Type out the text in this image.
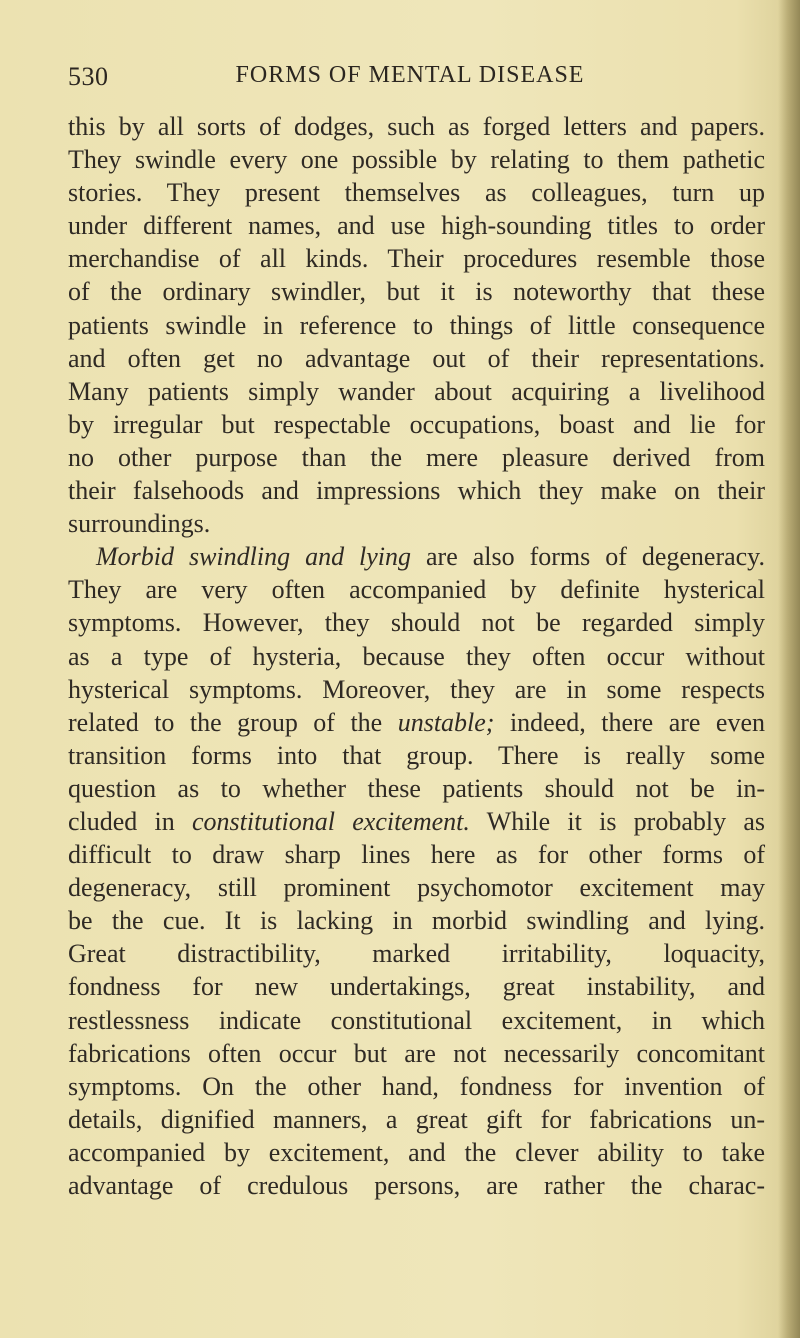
530	FORMS OF MENTAL DISEASE
this by all sorts of dodges, such as forged letters and papers.
They swindle every one possible by relating to them pathetic
stories. They present themselves as colleagues, turn up
under different names, and use high-sounding titles to order
merchandise of all kinds. Their procedures resemble those
of the ordinary swindler, but it is noteworthy that these
patients swindle in reference to things of little consequence
and often get no advantage out of their representations.
Many patients simply wander about acquiring a livelihood
by irregular but respectable occupations, boast and lie for
no other purpose than the mere pleasure derived from
their falsehoods and impressions which they make on their
surroundings.
Morbid swindling and lying are also forms of degeneracy.
They are very often accompanied by definite hysterical
symptoms. However, they should not be regarded simply
as a type of hysteria, because they often occur without
hysterical symptoms. Moreover, they are in some respects
related to the group of the unstable; indeed, there are even
transition forms into that group. There is really some
question as to whether these patients should not be in-
cluded in constitutional excitement. While it is probably as
difficult to draw sharp lines here as for other forms of
degeneracy, still prominent psychomotor excitement may
be the cue. It is lacking in morbid swindling and lying.
Great distractibility, marked irritability, loquacity,
fondness for new undertakings, great instability, and
restlessness indicate constitutional excitement, in which
fabrications often occur but are not necessarily concomitant
symptoms. On the other hand, fondness for invention of
details, dignified manners, a great gift for fabrications un-
accompanied by excitement, and the clever ability to take
advantage of credulous persons, are rather the charac-
